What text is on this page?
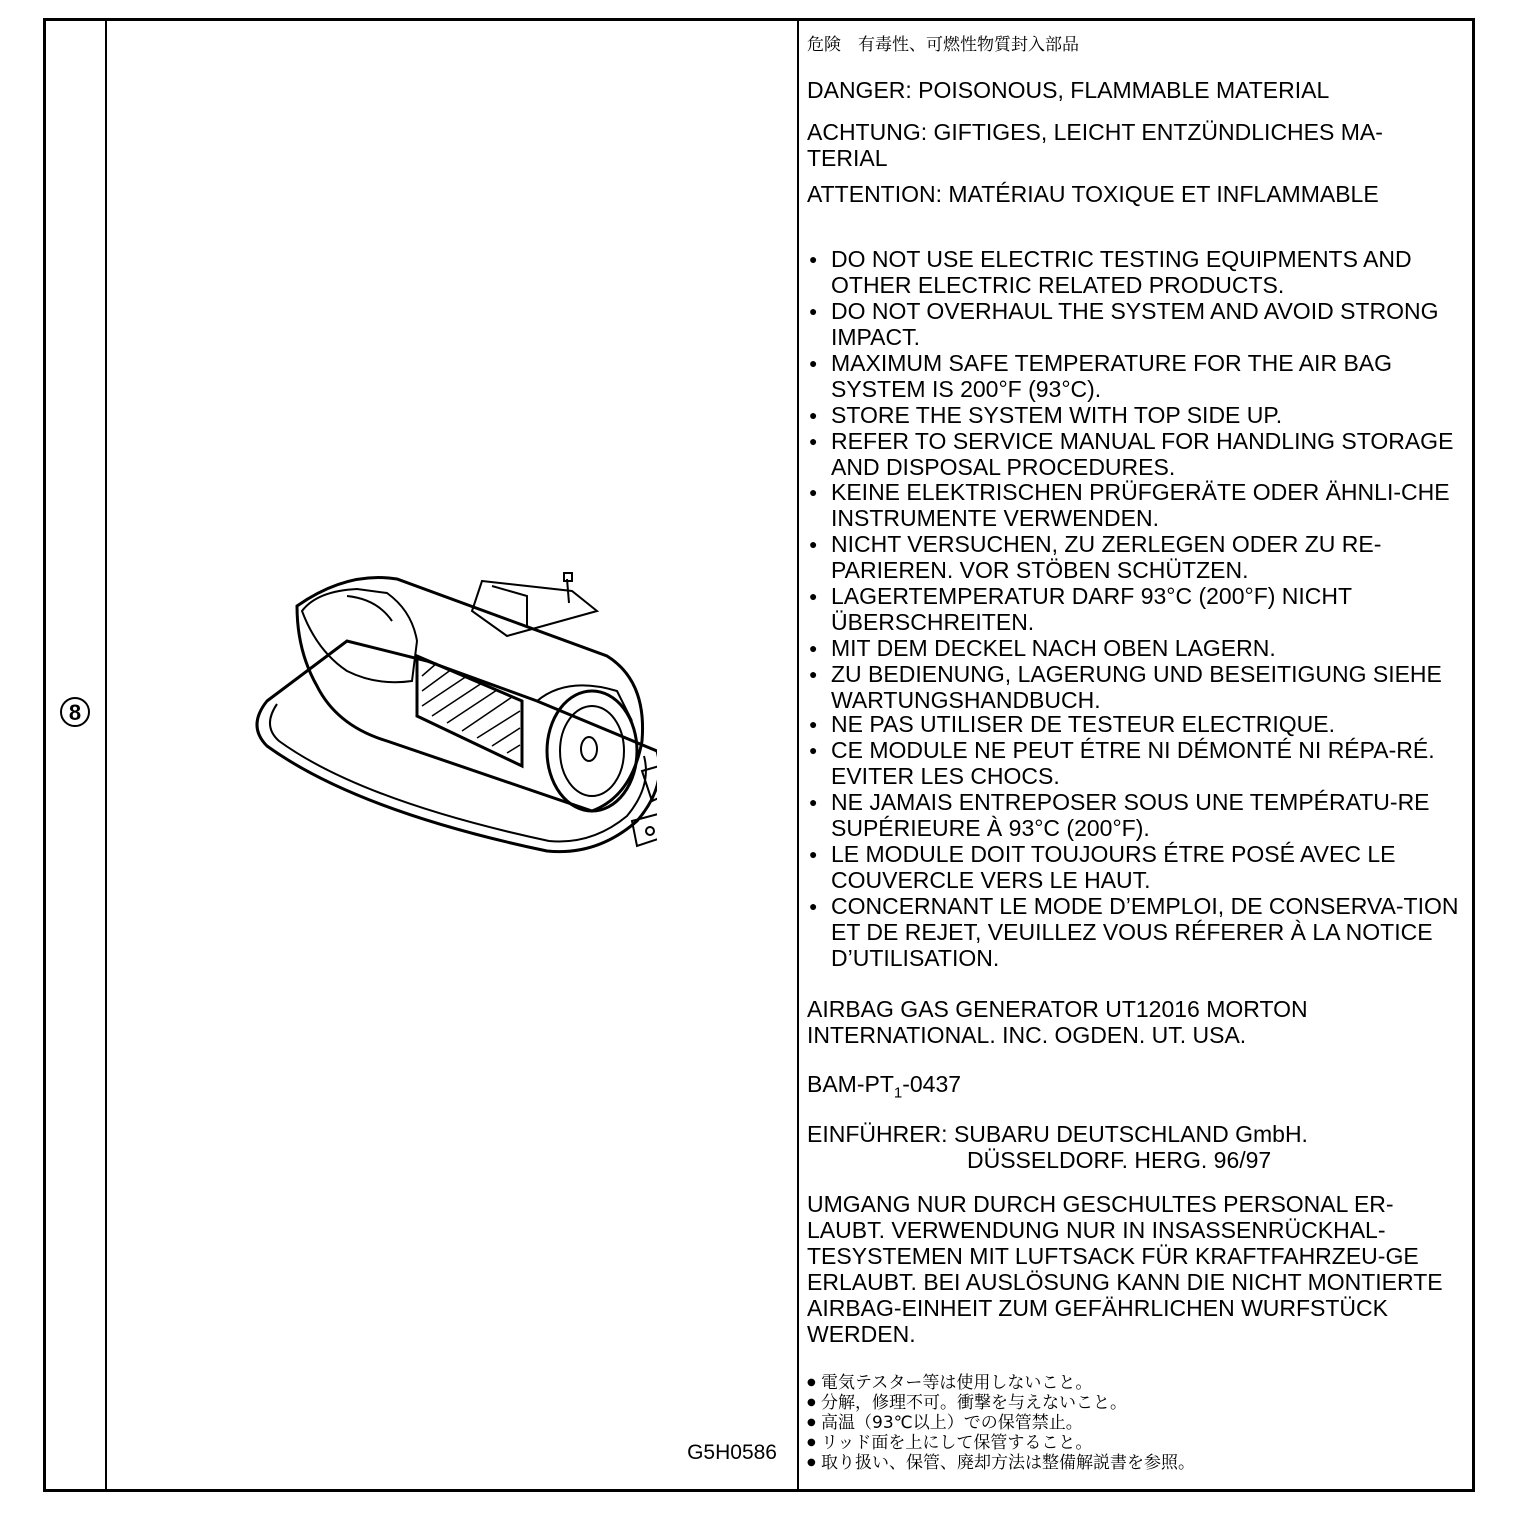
8
G5H0586
危険　有毒性、可燃性物質封入部品
DANGER: POISONOUS, FLAMMABLE MATERIAL
ACHTUNG: GIFTIGES, LEICHT ENTZÜNDLICHES MA-
TERIAL
ATTENTION: MATÉRIAU TOXIQUE ET INFLAMMABLE
● DO NOT USE ELECTRIC TESTING EQUIPMENTS AND OTHER ELECTRIC RELATED PRODUCTS.
● DO NOT OVERHAUL THE SYSTEM AND AVOID STRONG IMPACT.
● MAXIMUM SAFE TEMPERATURE FOR THE AIR BAG SYSTEM IS 200°F (93°C).
● STORE THE SYSTEM WITH TOP SIDE UP.
● REFER TO SERVICE MANUAL FOR HANDLING STORAGE AND DISPOSAL PROCEDURES.
● KEINE ELEKTRISCHEN PRÜFGERÄTE ODER ÄHNLI-CHE INSTRUMENTE VERWENDEN.
● NICHT VERSUCHEN, ZU ZERLEGEN ODER ZU RE-PARIEREN. VOR STÖBEN SCHÜTZEN.
● LAGERTEMPERATUR DARF 93°C (200°F) NICHT ÜBERSCHREITEN.
● MIT DEM DECKEL NACH OBEN LAGERN.
● ZU BEDIENUNG, LAGERUNG UND BESEITIGUNG SIEHE WARTUNGSHANDBUCH.
● NE PAS UTILISER DE TESTEUR ELECTRIQUE.
● CE MODULE NE PEUT ÉTRE NI DÉMONTÉ NI RÉPA-RÉ. EVITER LES CHOCS.
● NE JAMAIS ENTREPOSER SOUS UNE TEMPÉRATU-RE SUPÉRIEURE À 93°C (200°F).
● LE MODULE DOIT TOUJOURS ÉTRE POSÉ AVEC LE COUVERCLE VERS LE HAUT.
● CONCERNANT LE MODE D’EMPLOI, DE CONSERVA-TION ET DE REJET, VEUILLEZ VOUS RÉFERER À LA NOTICE D’UTILISATION.
AIRBAG GAS GENERATOR UT12016 MORTON INTERNATIONAL. INC. OGDEN. UT. USA.
BAM-$PT_1-0437$
EINFÜHRER: SUBARU DEUTSCHLAND GmbH.
DÜSSELDORF. HERG. 96/97
UMGANG NUR DURCH GESCHULTES PERSONAL ER-LAUBT. VERWENDUNG NUR IN INSASSENRÜCKHAL-TESYSTEMEN MIT LUFTSACK FÜR KRAFTFAHRZEU-GE ERLAUBT. BEI AUSLÖSUNG KANN DIE NICHT MONTIERTE AIRBAG-EINHEIT ZUM GEFÄHRLICHEN WURFSTÜCK WERDEN.
● 電気テスター等は使用しないこと。
● 分解，修理不可。衝撃を与えないこと。
● 高温（93℃以上）での保管禁止。
● リッド面を上にして保管すること。
● 取り扱い、保管、廃却方法は整備解説書を参照。
